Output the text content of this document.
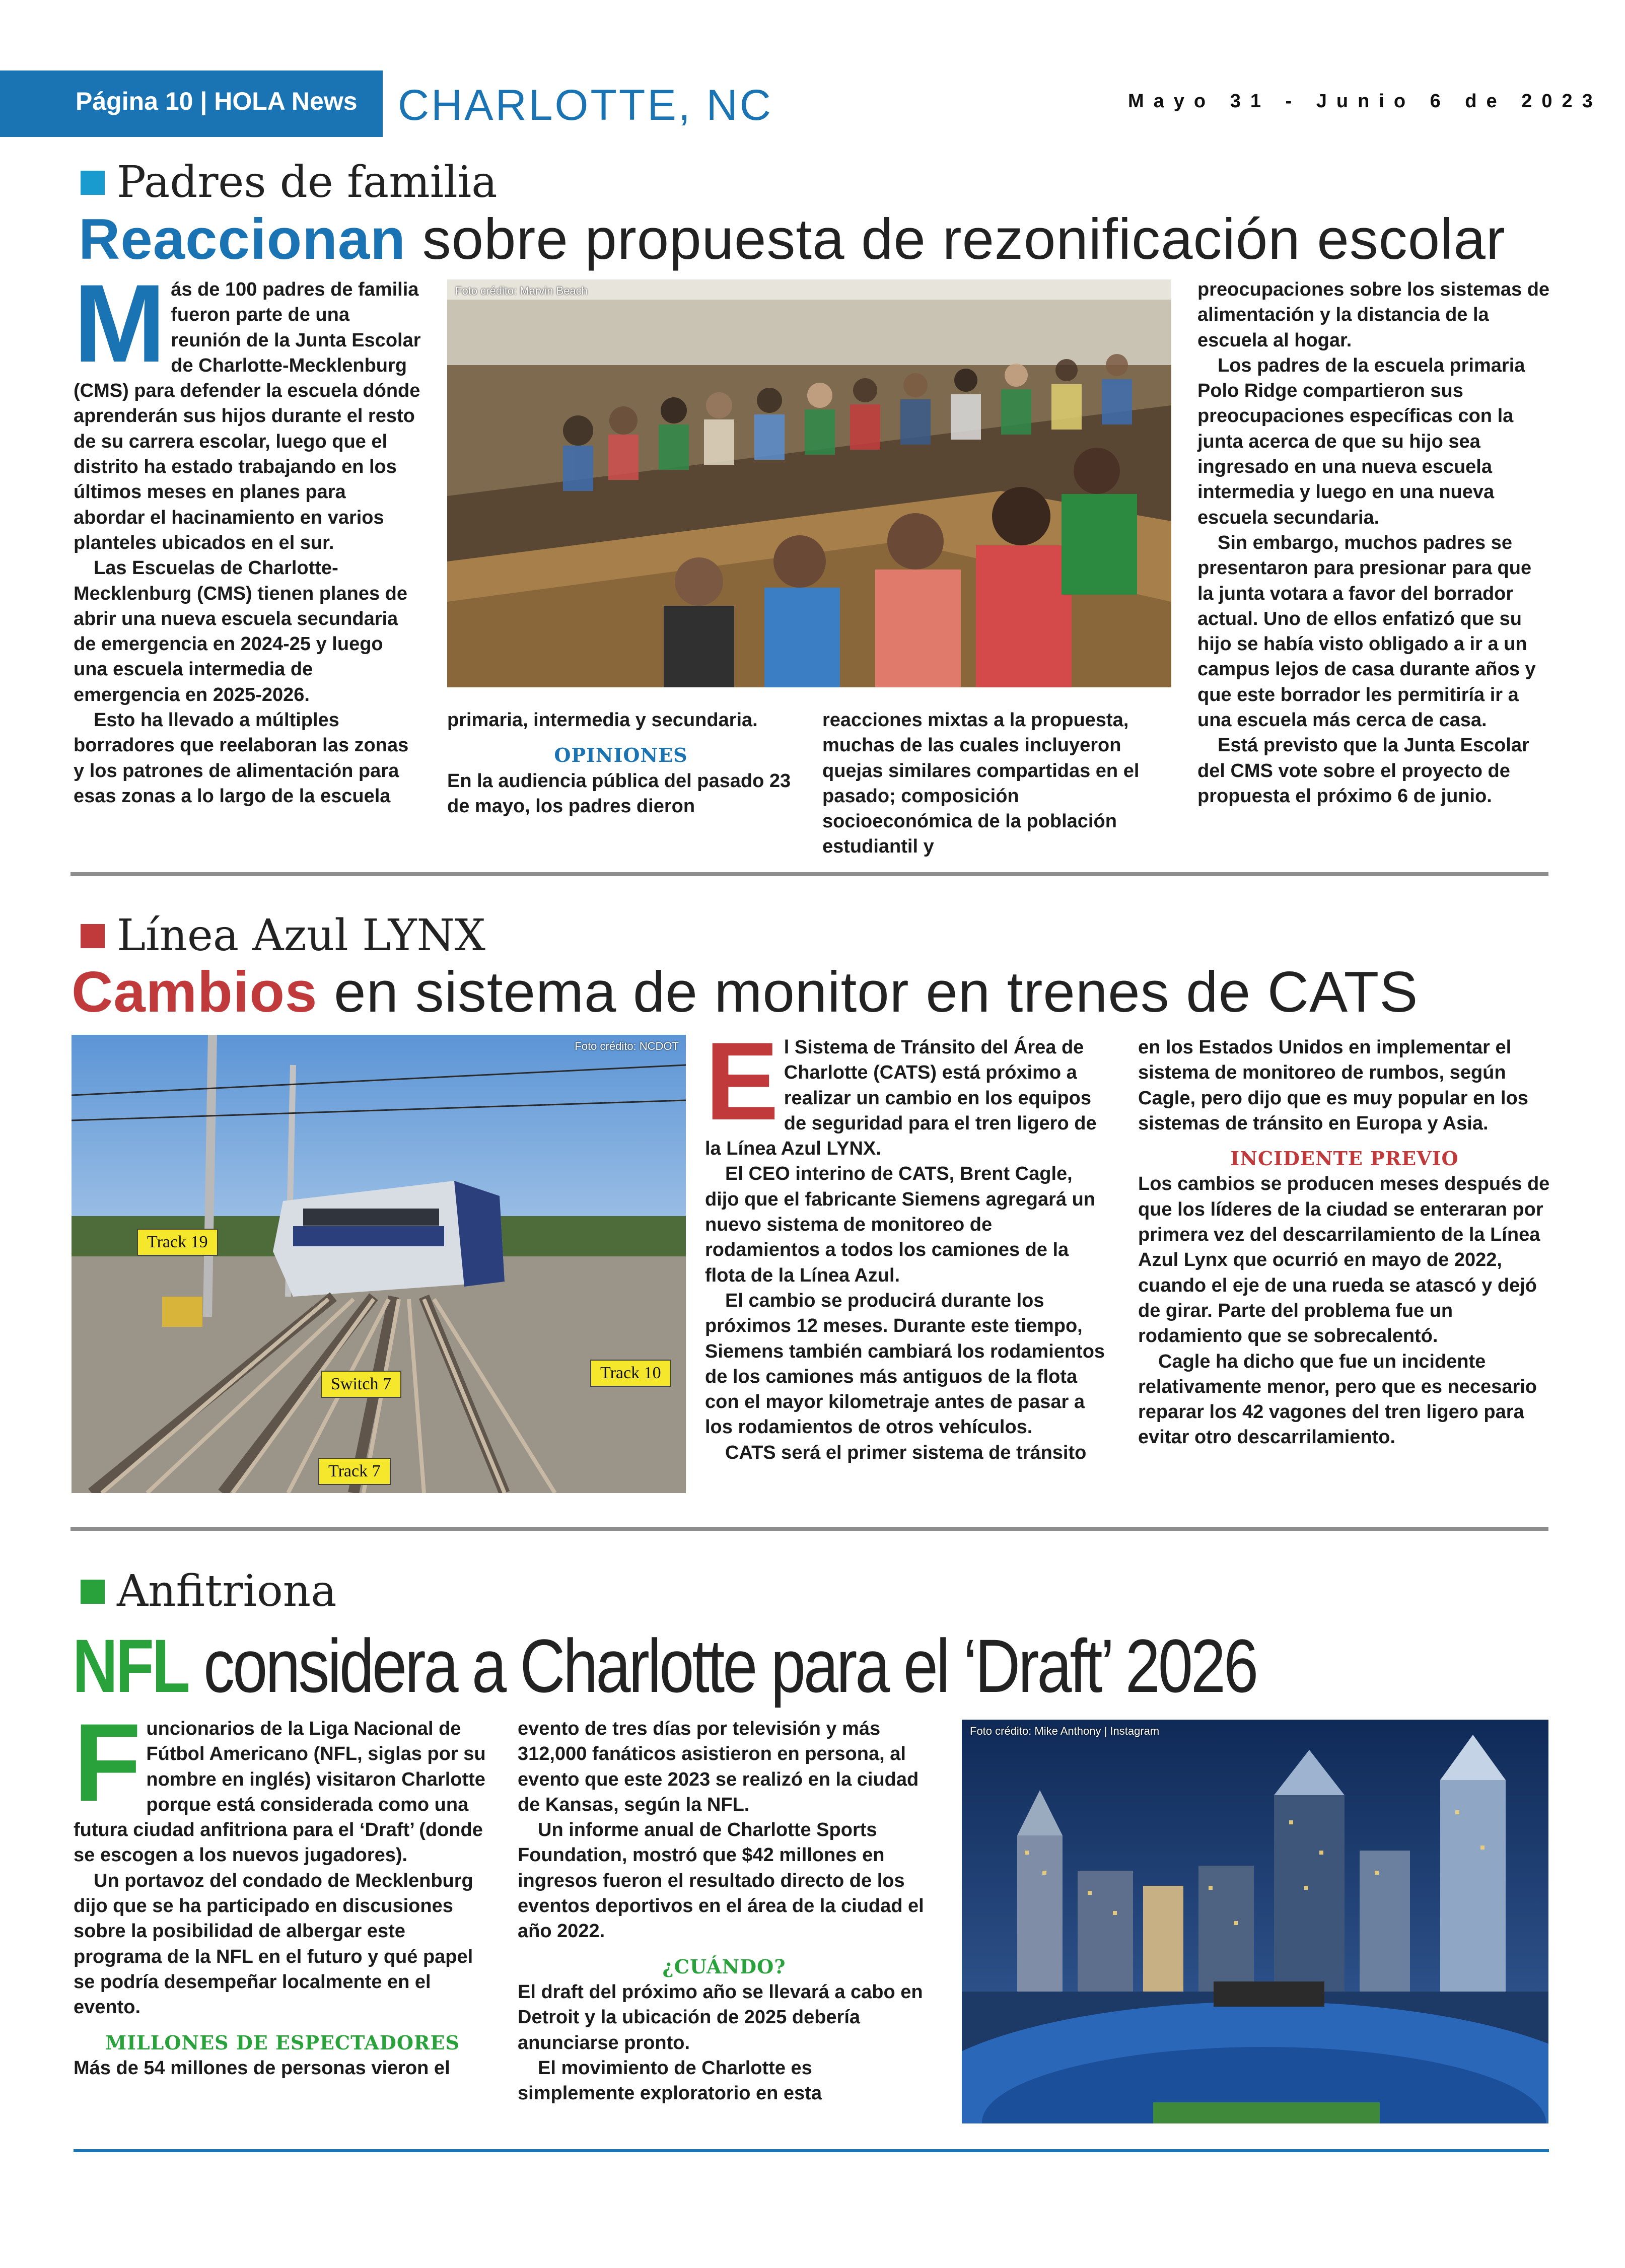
Página 10 | HOLA News CHARLOTTE, NC	Mayo 31 - Junio 6 de 2023
Padres de familia
Reaccionan sobre propuesta de rezonificación escolar
M ás de 100 padres de familia fueron parte de una reunión de la Junta Escolar de Charlotte-Mecklenburg (CMS) para defender la escuela dónde aprenderán sus hijos durante el resto de su carrera escolar, luego que el distrito ha estado trabajando en los últimos meses en planes para abordar el hacinamiento en varios planteles ubicados en el sur.

Las Escuelas de Charlotte-Mecklenburg (CMS) tienen planes de abrir una nueva escuela secundaria de emergencia en 2024-25 y luego una escuela intermedia de emergencia en 2025-2026.

Esto ha llevado a múltiples borradores que reelaboran las zonas y los patrones de alimentación para esas zonas a lo largo de la escuela

Foto crédito: Marvin Beach

primaria, intermedia y secundaria.

OPINIONES

En la audiencia pública del pasado 23 de mayo, los padres dieron

reacciones mixtas a la propuesta, muchas de las cuales incluyeron quejas similares compartidas en el pasado; composición socioeconómica de la población estudiantil y

preocupaciones sobre los sistemas de alimentación y la distancia de la escuela al hogar.

Los padres de la escuela primaria Polo Ridge compartieron sus preocupaciones específicas con la junta acerca de que su hijo sea ingresado en una nueva escuela intermedia y luego en una nueva escuela secundaria.

Sin embargo, muchos padres se presentaron para presionar para que la junta votara a favor del borrador actual. Uno de ellos enfatizó que su hijo se había visto obligado a ir a un campus lejos de casa durante años y que este borrador les permitiría ir a una escuela más cerca de casa.

Está previsto que la Junta Escolar del CMS vote sobre el proyecto de propuesta el próximo 6 de junio.

Línea Azul LYNX
Cambios en sistema de monitor en trenes de CATS
Foto crédito: NCDOT
Track 19
Switch 7
Track 10
Track 7
E l Sistema de Tránsito del Área de Charlotte (CATS) está próximo a realizar un cambio en los equipos de seguridad para el tren ligero de la Línea Azul LYNX.

El CEO interino de CATS, Brent Cagle, dijo que el fabricante Siemens agregará un nuevo sistema de monitoreo de rodamientos a todos los camiones de la flota de la Línea Azul.

El cambio se producirá durante los próximos 12 meses. Durante este tiempo, Siemens también cambiará los rodamientos de los camiones más antiguos de la flota con el mayor kilometraje antes de pasar a los rodamientos de otros vehículos.

CATS será el primer sistema de tránsito

en los Estados Unidos en implementar el sistema de monitoreo de rumbos, según Cagle, pero dijo que es muy popular en los sistemas de tránsito en Europa y Asia.

INCIDENTE PREVIO

Los cambios se producen meses después de que los líderes de la ciudad se enteraran por primera vez del descarrilamiento de la Línea Azul Lynx que ocurrió en mayo de 2022, cuando el eje de una rueda se atascó y dejó de girar. Parte del problema fue un rodamiento que se sobrecalentó.

Cagle ha dicho que fue un incidente relativamente menor, pero que es necesario reparar los 42 vagones del tren ligero para evitar otro descarrilamiento.

Anfitriona
NFL considera a Charlotte para el ‘Draft’ 2026
F uncionarios de la Liga Nacional de Fútbol Americano (NFL, siglas por su nombre en inglés) visitaron Charlotte porque está considerada como una futura ciudad anfitriona para el ‘Draft’ (donde se escogen a los nuevos jugadores).

Un portavoz del condado de Mecklenburg dijo que se ha participado en discusiones sobre la posibilidad de albergar este programa de la NFL en el futuro y qué papel se podría desempeñar localmente en el evento.

MILLONES DE ESPECTADORES

Más de 54 millones de personas vieron el

evento de tres días por televisión y más 312,000 fanáticos asistieron en persona, al evento que este 2023 se realizó en la ciudad de Kansas, según la NFL.

Un informe anual de Charlotte Sports Foundation, mostró que $42 millones en ingresos fueron el resultado directo de los eventos deportivos en el área de la ciudad el año 2022.

¿CUÁNDO?

El draft del próximo año se llevará a cabo en Detroit y la ubicación de 2025 debería anunciarse pronto.

El movimiento de Charlotte es simplemente exploratorio en esta

Foto crédito: Mike Anthony | Instagram
